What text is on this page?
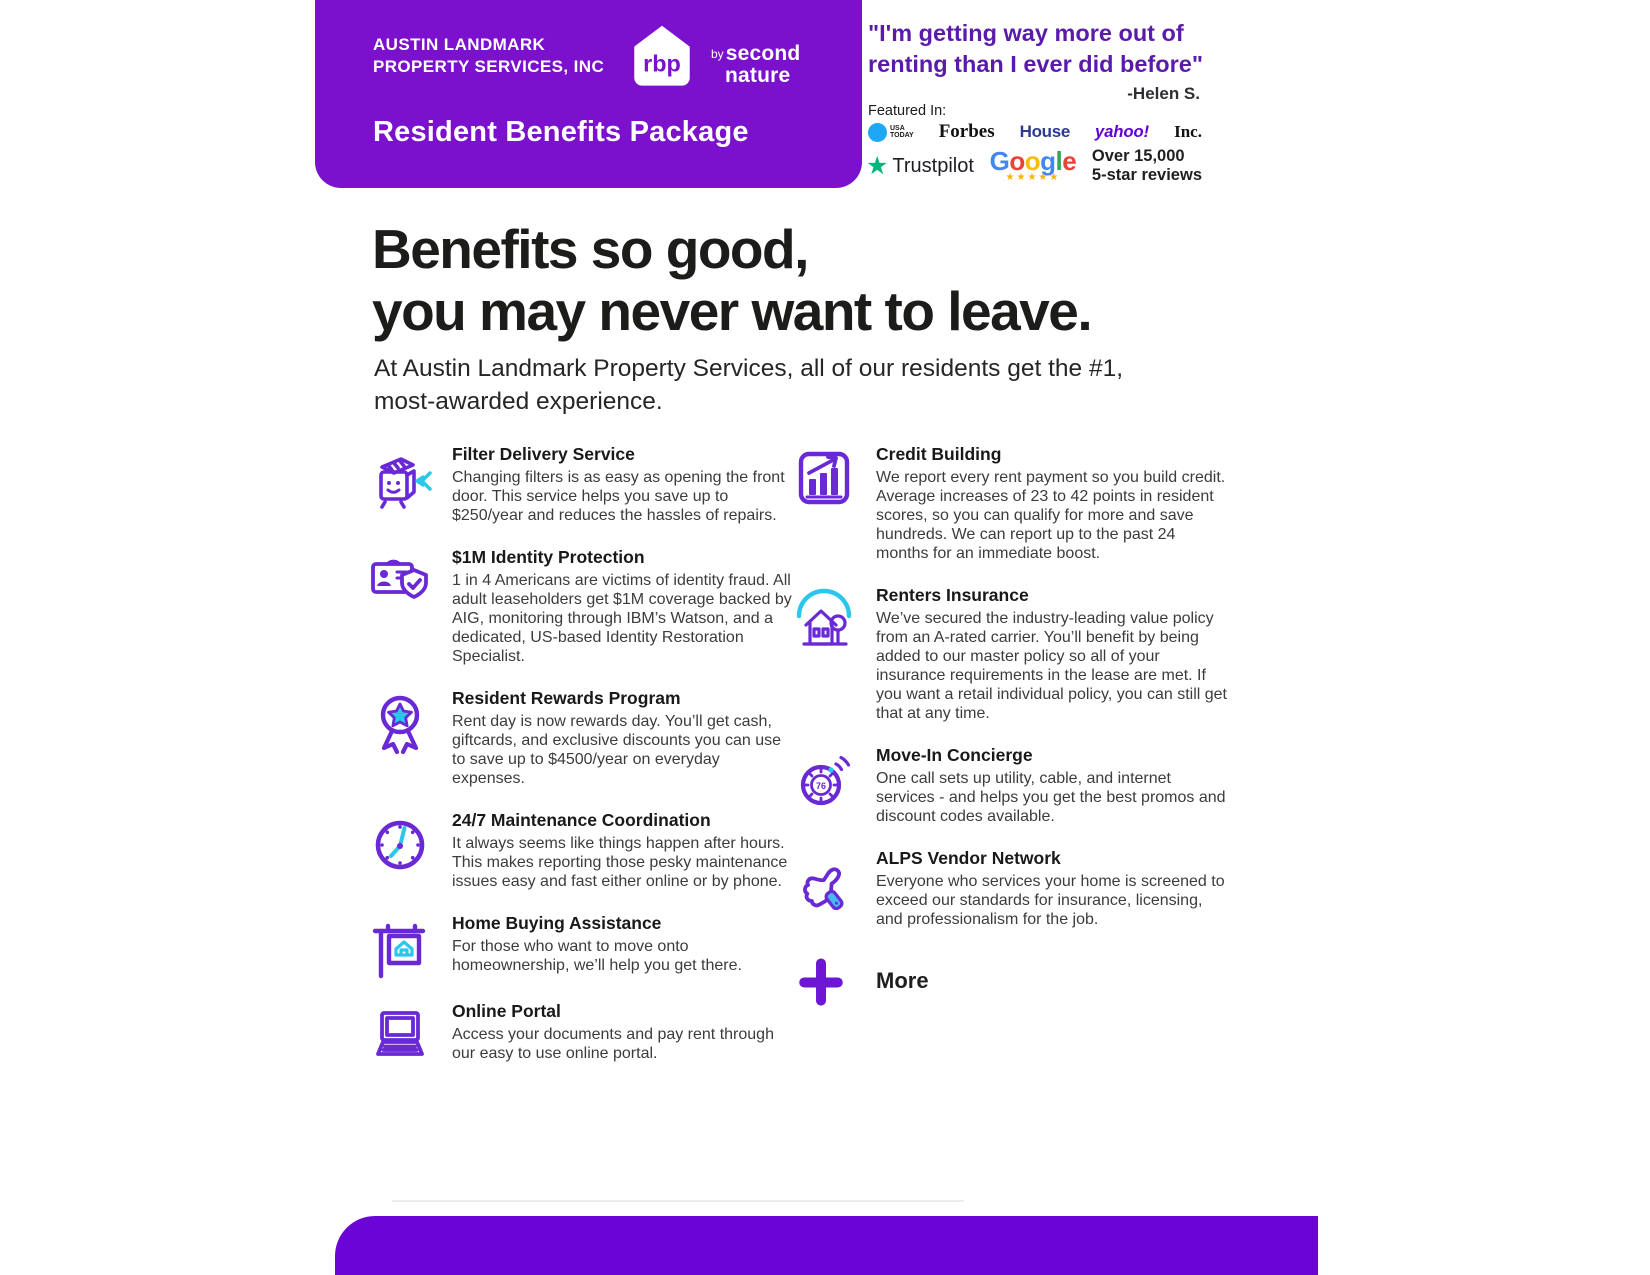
AUSTIN LANDMARK
PROPERTY SERVICES, INC rbp	$^{by}$second
nature
Resident Benefits Package
"I'm getting way more out of
renting than I ever did before"
-Helen S.
Featured In:
USA
TODAY Forbes House yahoo! Inc.
★ Trustpilot Google
★★★★★
Over 15,000
5-star reviews
Benefits so good,
you may never want to leave.
At Austin Landmark Property Services, all of our residents get the #1,
most-awarded experience.
Filter Delivery Service
Changing filters is as easy as opening the front door. This service helps you save up to $250/year and reduces the hassles of repairs.
$1M Identity Protection
1 in 4 Americans are victims of identity fraud. All adult leaseholders get $1M coverage backed by AIG, monitoring through IBM’s Watson, and a dedicated, US-based Identity Restoration Specialist.
Resident Rewards Program
Rent day is now rewards day. You’ll get cash, giftcards, and exclusive discounts you can use to save up to $4500/year on everyday expenses.
24/7 Maintenance Coordination
It always seems like things happen after hours. This makes reporting those pesky maintenance issues easy and fast either online or by phone.
Home Buying Assistance
For those who want to move onto homeownership, we’ll help you get there.
Online Portal
Access your documents and pay rent through our easy to use online portal.
Credit Building
We report every rent payment so you build credit. Average increases of 23 to 42 points in resident scores, so you can qualify for more and save hundreds. We can report up to the past 24 months for an immediate boost.
Renters Insurance
We’ve secured the industry-leading value policy from an A-rated carrier. You’ll benefit by being added to our master policy so all of your insurance requirements in the lease are met. If you want a retail individual policy, you can still get that at any time.
76
Move-In Concierge
One call sets up utility, cable, and internet services - and helps you get the best promos and discount codes available.
ALPS Vendor Network
Everyone who services your home is screened to exceed our standards for insurance, licensing, and professionalism for the job.
More
